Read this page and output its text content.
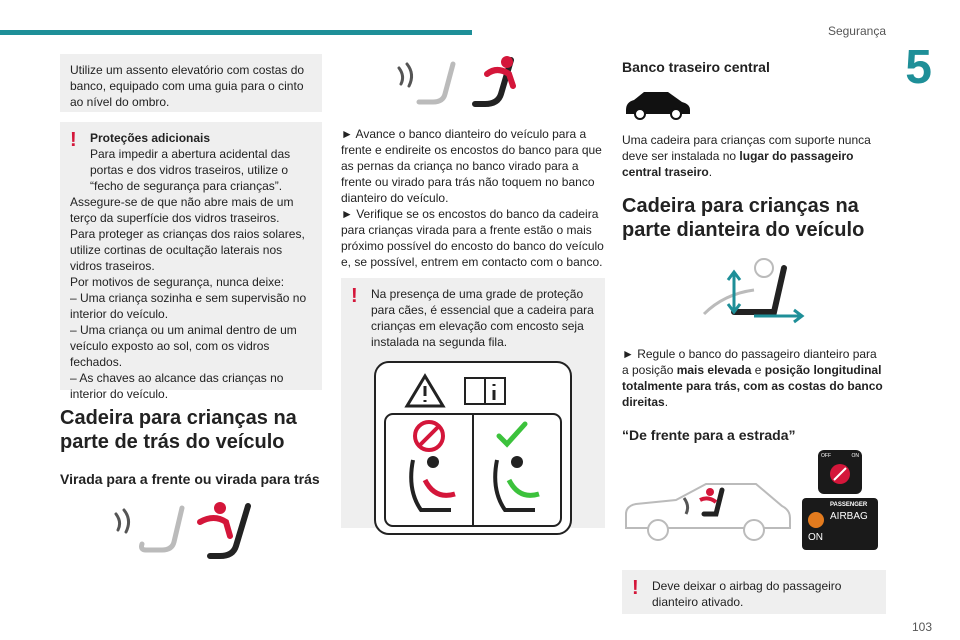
Segurança
5
103
Utilize um assento elevatório com costas do banco, equipado com uma guia para o cinto ao nível do ombro.
!	Proteções adicionais
Para impedir a abertura acidental das portas e dos vidros traseiros, utilize o “fecho de segurança para crianças”.
Assegure-se de que não abre mais de um terço da superfície dos vidros traseiros.
Para proteger as crianças dos raios solares, utilize cortinas de ocultação laterais nos vidros traseiros.
Por motivos de segurança, nunca deixe:
– Uma criança sozinha e sem supervisão no interior do veículo.
– Uma criança ou um animal dentro de um veículo exposto ao sol, com os vidros fechados.
– As chaves ao alcance das crianças no interior do veículo.
Cadeira para crianças na parte de trás do veículo
Virada para a frente ou virada para trás
► Avance o banco dianteiro do veículo para a frente e endireite os encostos do banco para que as pernas da criança no banco virado para a frente ou virado para trás não toquem no banco dianteiro do veículo.
► Verifique se os encostos do banco da cadeira para crianças virada para a frente estão o mais próximo possível do encosto do banco do veículo e, se possível, entrem em contacto com o banco.
!	Na presença de uma grade de proteção para cães, é essencial que a cadeira para crianças em elevação com encosto seja instalada na segunda fila.
Banco traseiro central
Uma cadeira para crianças com suporte nunca deve ser instalada no lugar do passageiro central traseiro.
Cadeira para crianças na parte dianteira do veículo
► Regule o banco do passageiro dianteiro para a posição mais elevada e posição longitudinal totalmente para trás, com as costas do banco direitas.
“De frente para a estrada”
OFF	ON
PASSENGER
AIRBAG
ON
!	Deve deixar o airbag do passageiro dianteiro ativado.
